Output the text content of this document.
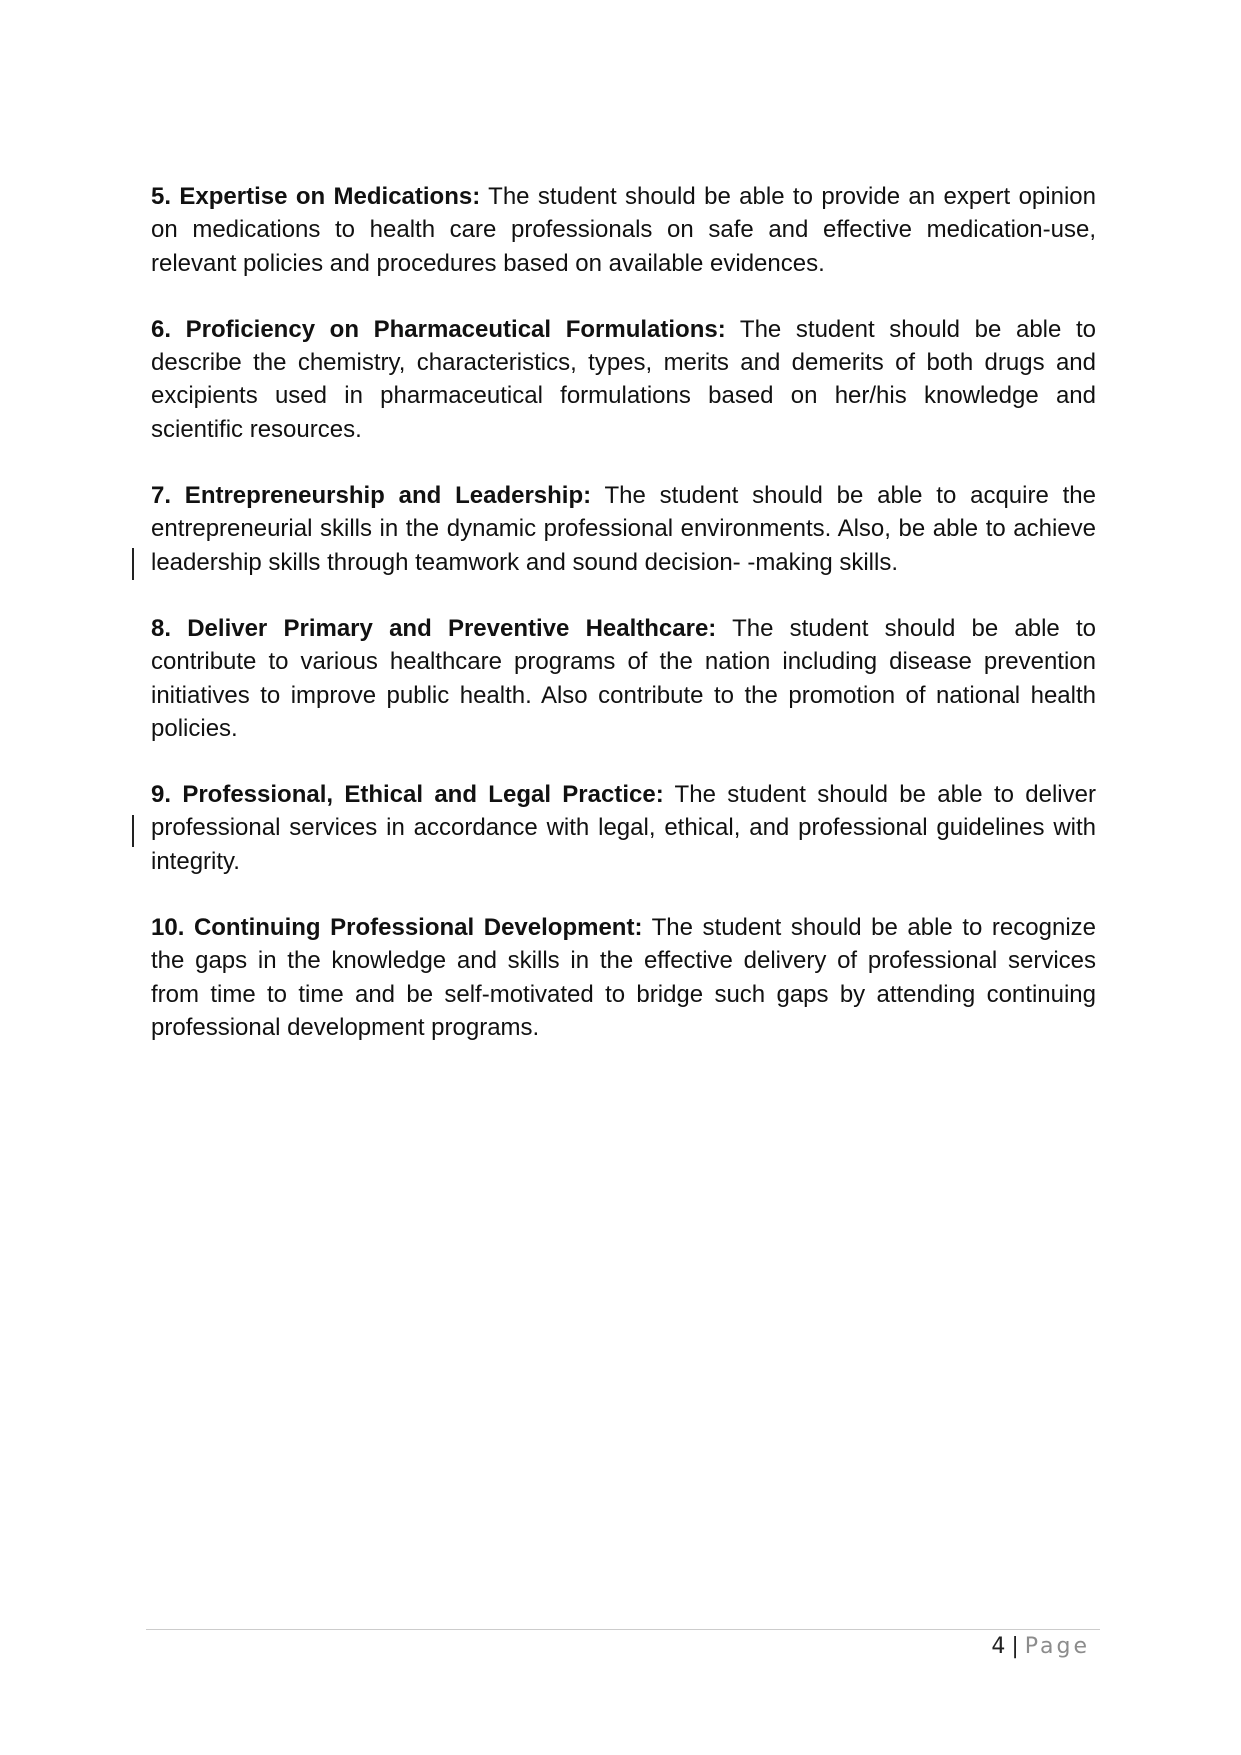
5. Expertise on Medications: The student should be able to provide an expert opinion on medications to health care professionals on safe and effective medication-use, relevant policies and procedures based on available evidences.

6. Proficiency on Pharmaceutical Formulations: The student should be able to describe the chemistry, characteristics, types, merits and demerits of both drugs and excipients used in pharmaceutical formulations based on her/his knowledge and scientific resources.

7. Entrepreneurship and Leadership: The student should be able to acquire the entrepreneurial skills in the dynamic professional environments. Also, be able to achieve leadership skills through teamwork and sound decision- -making skills.

8. Deliver Primary and Preventive Healthcare: The student should be able to contribute to various healthcare programs of the nation including disease prevention initiatives to improve public health. Also contribute to the promotion of national health policies.

9. Professional, Ethical and Legal Practice: The student should be able to deliver professional services in accordance with legal, ethical, and professional guidelines with integrity.

10. Continuing Professional Development: The student should be able to recognize the gaps in the knowledge and skills in the effective delivery of professional services from time to time and be self-motivated to bridge such gaps by attending continuing professional development programs.

4 | Page
